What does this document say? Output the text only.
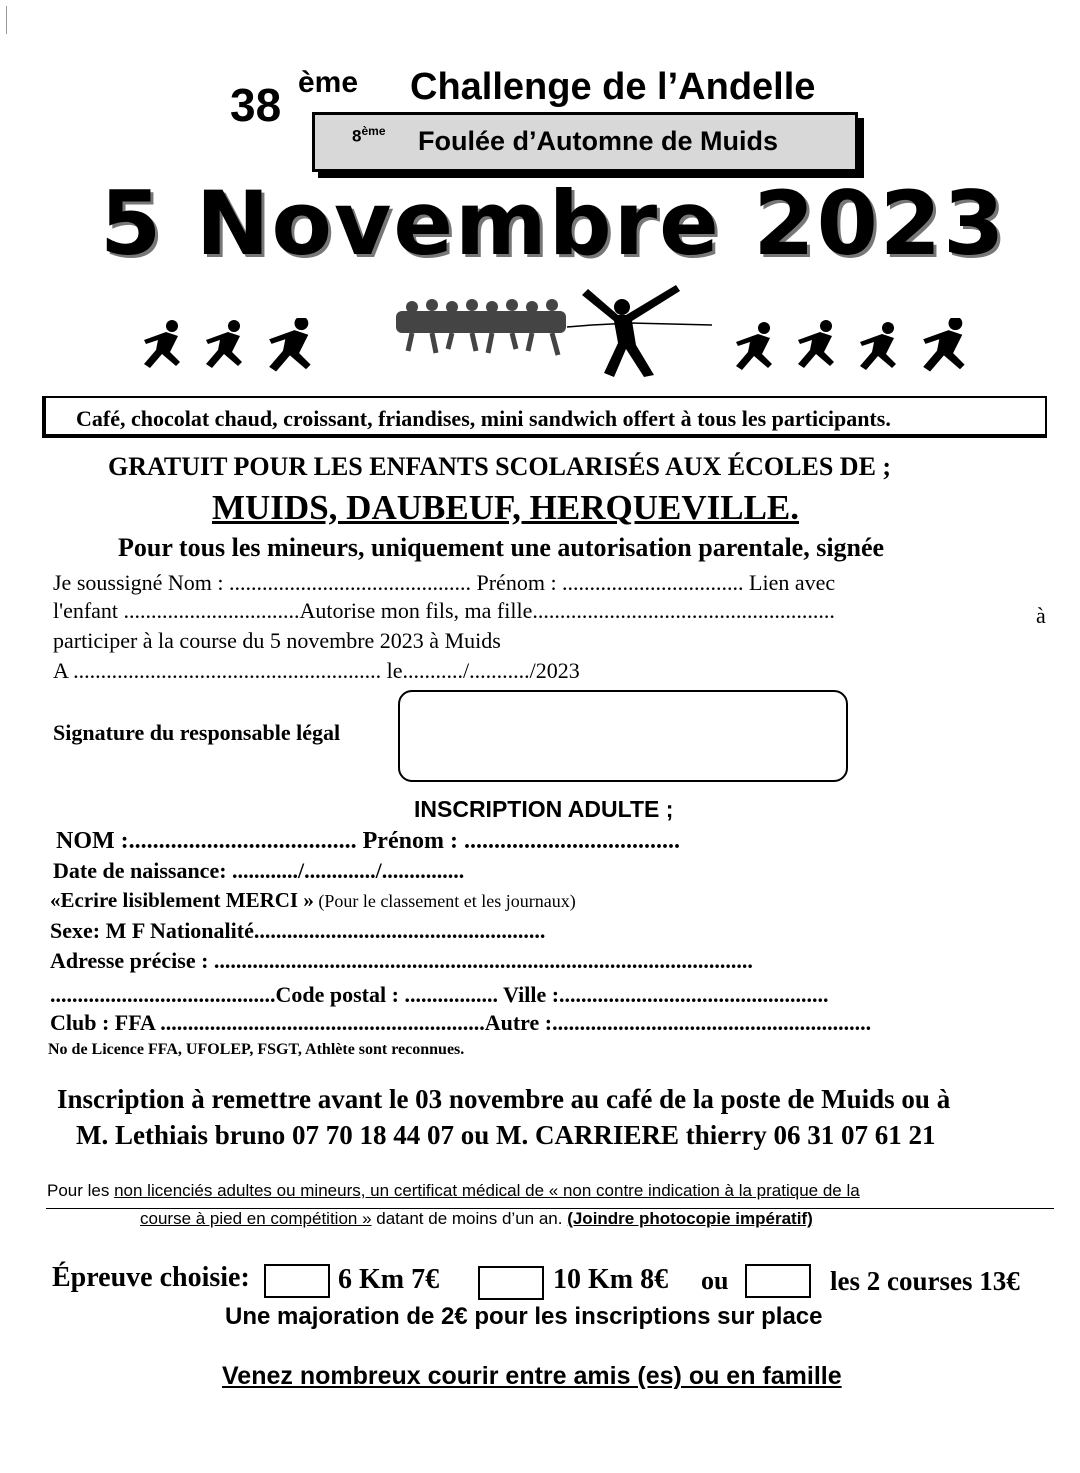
38 ème Challenge de l’Andelle
8ème Foulée d’Automne de Muids
5 Novembre 2023
Café, chocolat chaud, croissant, friandises, mini sandwich offert à tous les participants.
GRATUIT POUR LES ENFANTS SCOLARISÉS AUX ÉCOLES DE ;
MUIDS, DAUBEUF, HERQUEVILLE.
Pour tous les mineurs, uniquement une autorisation parentale, signée
Je soussigné Nom : ............................................ Prénom : ................................. Lien avec
l'enfant ................................Autorise mon fils, ma fille.......................................................	à
participer à la course du 5 novembre 2023 à Muids
A ........................................................ le.........../.........../2023
Signature du responsable légal
INSCRIPTION ADULTE ;
NOM :...................................... Prénom : ....................................
Date de naissance: ............/............./...............
«Ecrire lisiblement MERCI » (Pour le classement et les journaux)
Sexe: M F Nationalité.....................................................
Adresse précise : ..................................................................................................
.........................................Code postal : ................. Ville :.................................................
Club : FFA ...........................................................Autre :..........................................................
No de Licence FFA, UFOLEP, FSGT, Athlète sont reconnues.
Inscription à remettre avant le 03 novembre au café de la poste de Muids ou à
M. Lethiais bruno 07 70 18 44 07 ou M. CARRIERE thierry 06 31 07 61 21
Pour les non licenciés adultes ou mineurs, un certificat médical de « non contre indication à la pratique de la
course à pied en compétition » datant de moins d’un an. (Joindre photocopie impératif)
Épreuve choisie:	6 Km 7€	10 Km 8€ ou	les 2 courses 13€
Une majoration de 2€ pour les inscriptions sur place
Venez nombreux courir entre amis (es) ou en famille
